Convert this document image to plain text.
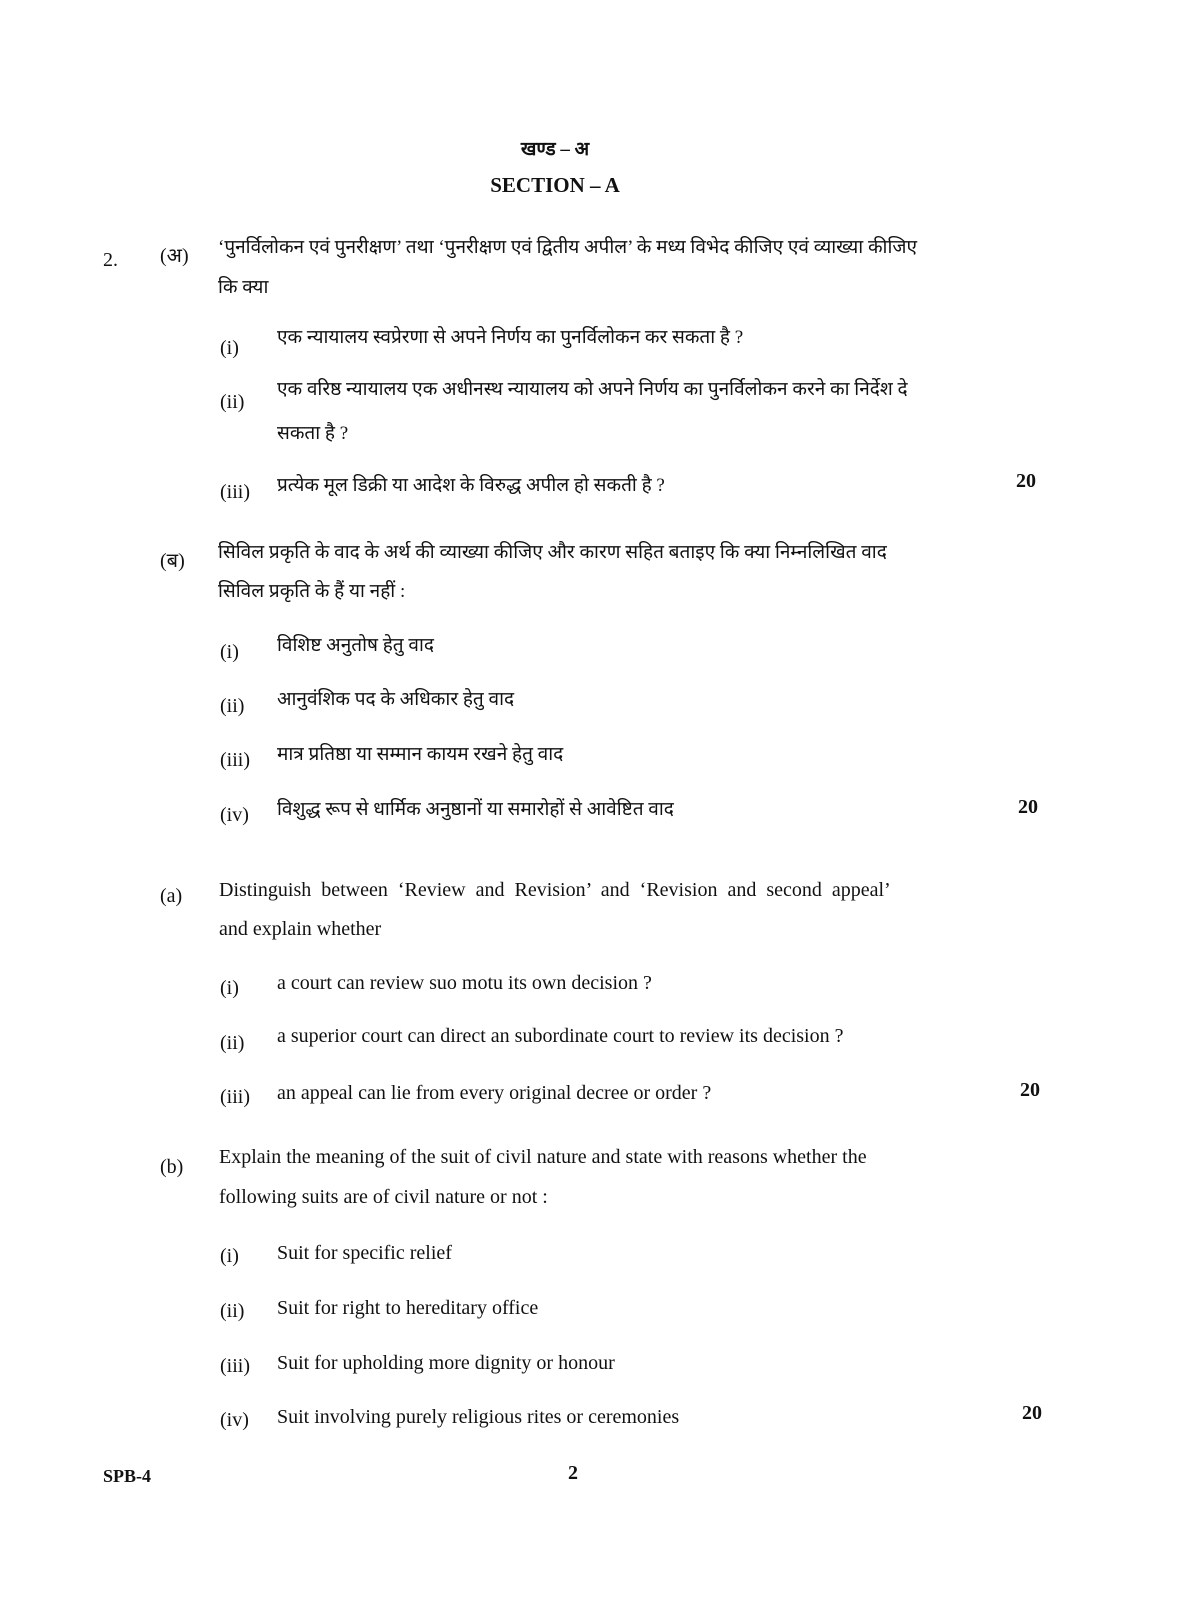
खण्ड – अ
SECTION – A
2. (अ) ‘पुनर्विलोकन एवं पुनरीक्षण’ तथा ‘पुनरीक्षण एवं द्वितीय अपील’ के मध्य विभेद कीजिए एवं व्याख्या कीजिए
कि क्या
(i) एक न्यायालय स्वप्रेरणा से अपने निर्णय का पुनर्विलोकन कर सकता है ?
(ii)
एक वरिष्ठ न्यायालय एक अधीनस्थ न्यायालय को अपने निर्णय का पुनर्विलोकन करने का निर्देश दे
सकता है ?
(iii) प्रत्येक मूल डिक्री या आदेश के विरुद्ध अपील हो सकती है ?	20
(ब) सिविल प्रकृति के वाद के अर्थ की व्याख्या कीजिए और कारण सहित बताइए कि क्या निम्नलिखित वाद
सिविल प्रकृति के हैं या नहीं :
(i) विशिष्ट अनुतोष हेतु वाद
(ii) आनुवंशिक पद के अधिकार हेतु वाद
(iii) मात्र प्रतिष्ठा या सम्मान कायम रखने हेतु वाद
(iv) विशुद्ध रूप से धार्मिक अनुष्ठानों या समारोहों से आवेष्टित वाद	20
(a) Distinguish between ‘Review and Revision’ and ‘Revision and second appeal’
and explain whether
(i) a court can review suo motu its own decision ?
(ii) a superior court can direct an subordinate court to review its decision ?
(iii) an appeal can lie from every original decree or order ?	20
(b) Explain the meaning of the suit of civil nature and state with reasons whether the
following suits are of civil nature or not :
(i) Suit for specific relief
(ii) Suit for right to hereditary office
(iii) Suit for upholding more dignity or honour
(iv) Suit involving purely religious rites or ceremonies	20
SPB-4	2
